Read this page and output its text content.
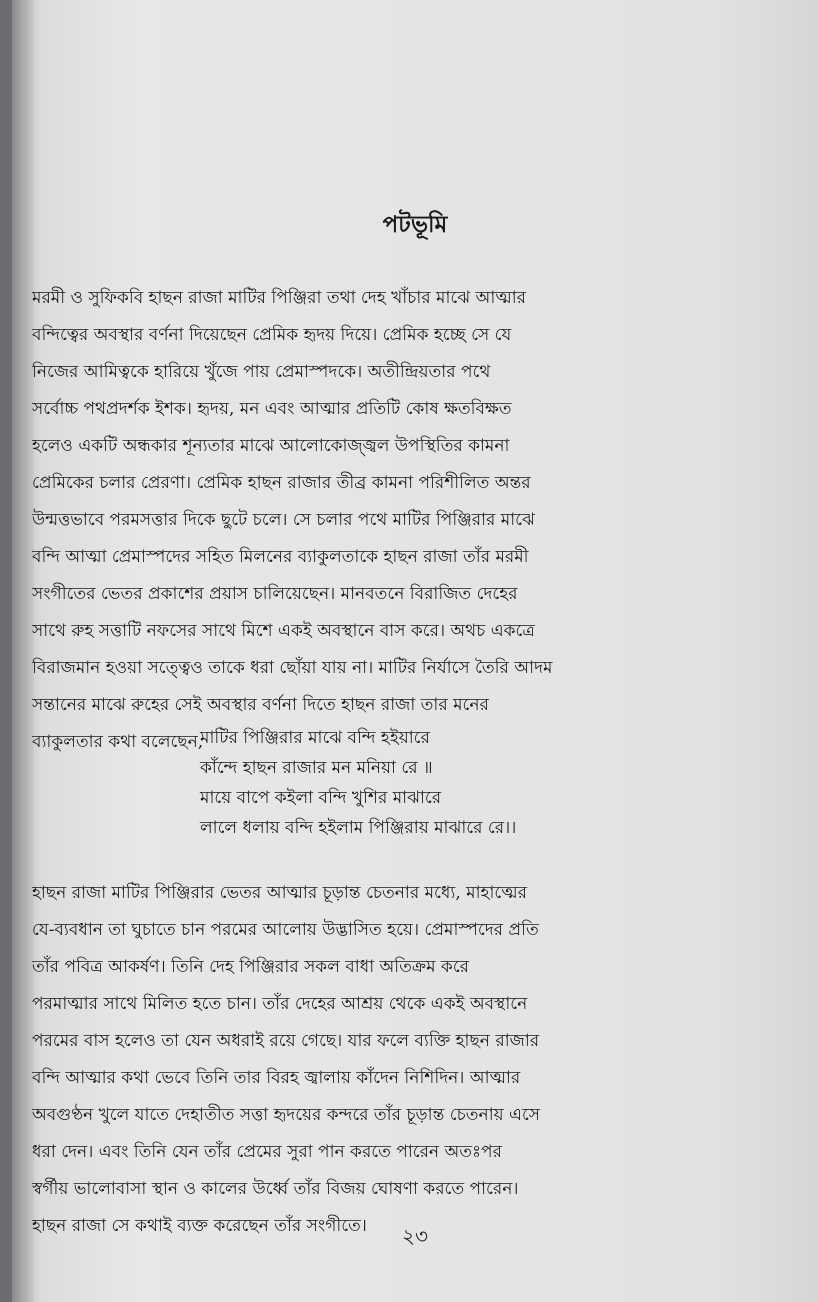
পটভূমি
মরমী ও সুফিকবি হাছন রাজা মাটির পিঞ্জিরা তথা দেহ খাঁচার মাঝে আত্মার
বন্দিত্বের অবস্থার বর্ণনা দিয়েছেন প্রেমিক হৃদয় দিয়ে। প্রেমিক হচ্ছে সে যে
নিজের আমিত্বকে হারিয়ে খুঁজে পায় প্রেমাস্পদকে। অতীন্দ্রিয়তার পথে
সর্বোচ্চ পথপ্রদর্শক ইশক। হৃদয়, মন এবং আত্মার প্রতিটি কোষ ক্ষতবিক্ষত
হলেও একটি অন্ধকার শূন্যতার মাঝে আলোকোজ্জ্বল উপস্থিতির কামনা
প্রেমিকের চলার প্রেরণা। প্রেমিক হাছন রাজার তীব্র কামনা পরিশীলিত অন্তর
উন্মত্তভাবে পরমসত্তার দিকে ছুটে চলে। সে চলার পথে মাটির পিঞ্জিরার মাঝে
বন্দি আত্মা প্রেমাস্পদের সহিত মিলনের ব্যাকুলতাকে হাছন রাজা তাঁর মরমী
সংগীতের ভেতর প্রকাশের প্রয়াস চালিয়েছেন। মানবতনে বিরাজিত দেহের
সাথে রুহ সত্তাটি নফসের সাথে মিশে একই অবস্থানে বাস করে। অথচ একত্রে
বিরাজমান হওয়া সত্ত্বেও তাকে ধরা ছোঁয়া যায় না। মাটির নির্যাসে তৈরি আদম
সন্তানের মাঝে রুহের সেই অবস্থার বর্ণনা দিতে হাছন রাজা তার মনের
ব্যাকুলতার কথা বলেছেন,
মাটির পিঞ্জিরার মাঝে বন্দি হইয়ারে
কাঁন্দে হাছন রাজার মন মনিয়া রে ॥
মায়ে বাপে কইলা বন্দি খুশির মাঝারে
লালে ধলায় বন্দি হইলাম পিঞ্জিরায় মাঝারে রে।।
হাছন রাজা মাটির পিঞ্জিরার ভেতর আত্মার চূড়ান্ত চেতনার মধ্যে, মাহাত্মের
যে-ব্যবধান তা ঘুচাতে চান পরমের আলোয় উদ্ভাসিত হয়ে। প্রেমাস্পদের প্রতি
তাঁর পবিত্র আকর্ষণ। তিনি দেহ পিঞ্জিরার সকল বাধা অতিক্রম করে
পরমাত্মার সাথে মিলিত হতে চান। তাঁর দেহের আশ্রয় থেকে একই অবস্থানে
পরমের বাস হলেও তা যেন অধরাই রয়ে গেছে। যার ফলে ব্যক্তি হাছন রাজার
বন্দি আত্মার কথা ভেবে তিনি তার বিরহ জ্বালায় কাঁদেন নিশিদিন। আত্মার
অবগুণ্ঠন খুলে যাতে দেহাতীত সত্তা হৃদয়ের কন্দরে তাঁর চূড়ান্ত চেতনায় এসে
ধরা দেন। এবং তিনি যেন তাঁর প্রেমের সুরা পান করতে পারেন অতঃপর
স্বর্গীয় ভালোবাসা স্থান ও কালের উর্ধ্বে তাঁর বিজয় ঘোষণা করতে পারেন।
হাছন রাজা সে কথাই ব্যক্ত করেছেন তাঁর সংগীতে।	২৩
